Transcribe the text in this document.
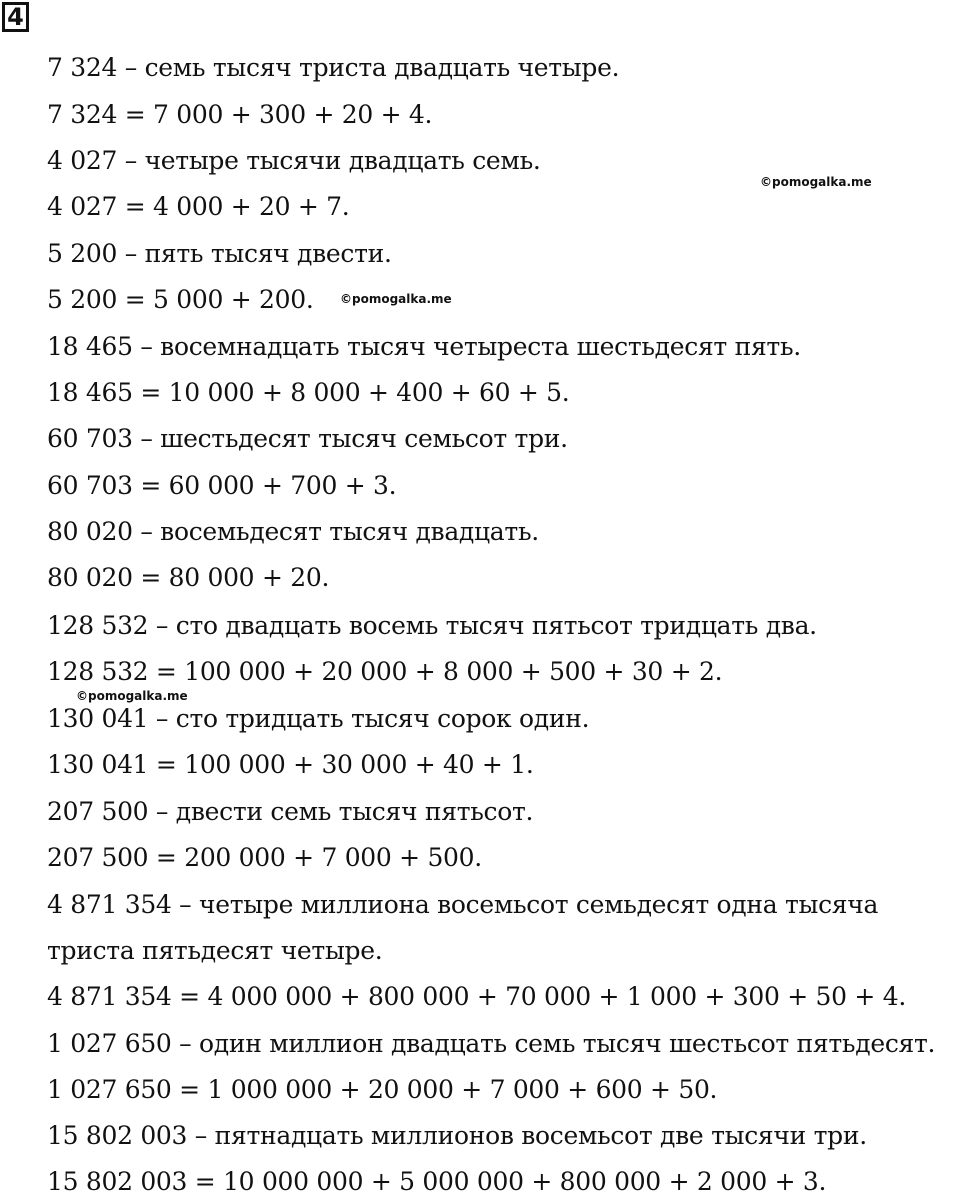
4
7 324 – семь тысяч триста двадцать четыре.
7 324 = 7 000 + 300 + 20 + 4.
4 027 – четыре тысячи двадцать семь.
4 027 = 4 000 + 20 + 7.
5 200 – пять тысяч двести.
5 200 = 5 000 + 200.
18 465 – восемнадцать тысяч четыреста шестьдесят пять.
18 465 = 10 000 + 8 000 + 400 + 60 + 5.
60 703 – шестьдесят тысяч семьсот три.
60 703 = 60 000 + 700 + 3.
80 020 – восемьдесят тысяч двадцать.
80 020 = 80 000 + 20.
128 532 – сто двадцать восемь тысяч пятьсот тридцать два.
128 532 = 100 000 + 20 000 + 8 000 + 500 + 30 + 2.
130 041 – сто тридцать тысяч сорок один.
130 041 = 100 000 + 30 000 + 40 + 1.
207 500 – двести семь тысяч пятьсот.
207 500 = 200 000 + 7 000 + 500.
4 871 354 – четыре миллиона восемьсот семьдесят одна тысяча
триста пятьдесят четыре.
4 871 354 = 4 000 000 + 800 000 + 70 000 + 1 000 + 300 + 50 + 4.
1 027 650 – один миллион двадцать семь тысяч шестьсот пятьдесят.
1 027 650 = 1 000 000 + 20 000 + 7 000 + 600 + 50.
15 802 003 – пятнадцать миллионов восемьсот две тысячи три.
15 802 003 = 10 000 000 + 5 000 000 + 800 000 + 2 000 + 3.
©pomogalka.me
©pomogalka.me
©pomogalka.me
